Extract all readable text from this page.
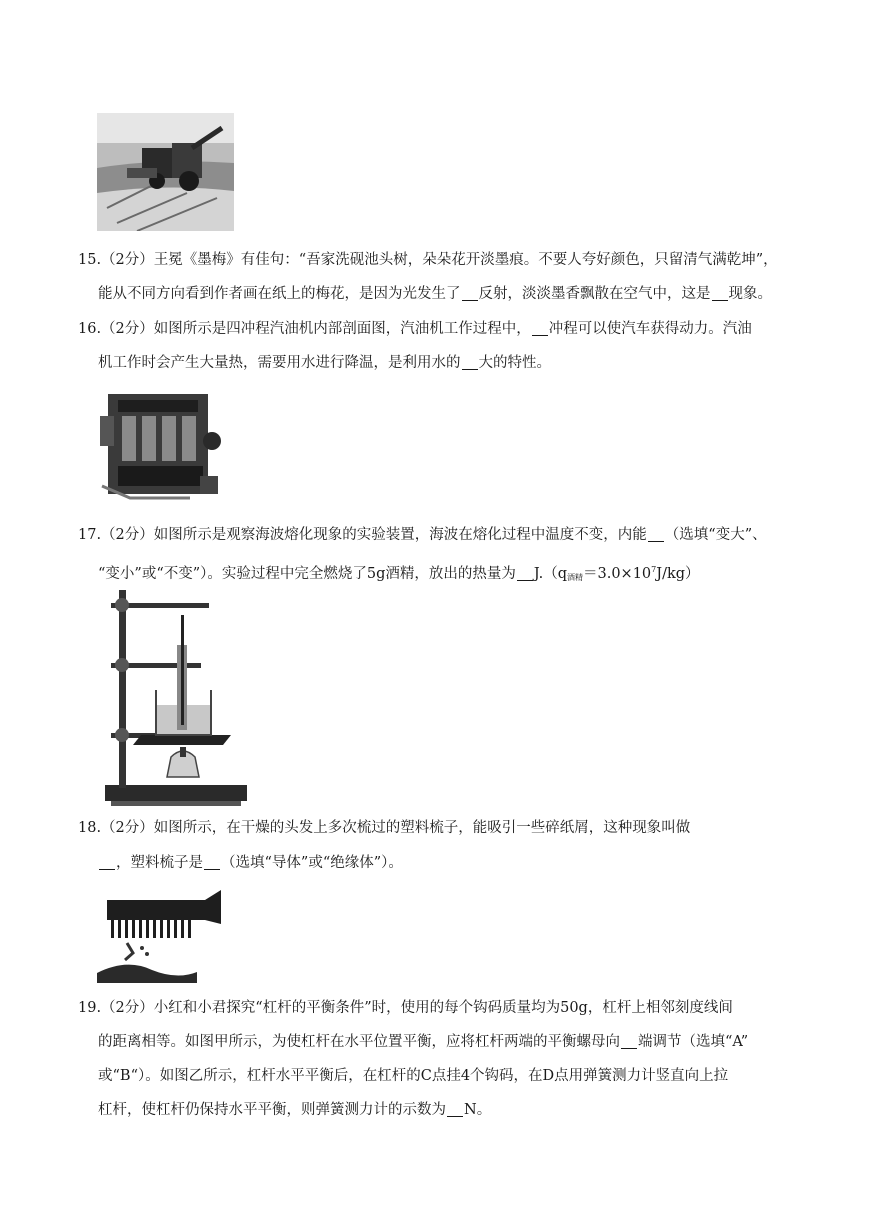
15.（2分）王冕《墨梅》有佳句：“吾家洗砚池头树，朵朵花开淡墨痕。不要人夸好颜色，只留清气满乾坤”，
能从不同方向看到作者画在纸上的梅花，是因为光发生了 反射，淡淡墨香飘散在空气中，这是 现象。
16.（2分）如图所示是四冲程汽油机内部剖面图，汽油机工作过程中， 冲程可以使汽车获得动力。汽油
机工作时会产生大量热，需要用水进行降温，是利用水的 大的特性。
17.（2分）如图所示是观察海波熔化现象的实验装置，海波在熔化过程中温度不变，内能 （选填“变大”、
“变小”或“不变”）。实验过程中完全燃烧了5g酒精，放出的热量为 $J.(q_{酒精}=3.0\times 10^7J/kg)$
18.（2分）如图所示，在干燥的头发上多次梳过的塑料梳子，能吸引一些碎纸屑，这种现象叫做
，塑料梳子是 （选填“导体”或“绝缘体”）。
19.（2分）小红和小君探究“杠杆的平衡条件”时，使用的每个钩码质量均为50g，杠杆上相邻刻度线间
的距离相等。如图甲所示，为使杠杆在水平位置平衡，应将杠杆两端的平衡螺母向 端调节（选填“A”
或“B“）。如图乙所示，杠杆水平平衡后，在杠杆的C点挂4个钩码，在D点用弹簧测力计竖直向上拉
杠杆，使杠杆仍保持水平平衡，则弹簧测力计的示数为 N。
